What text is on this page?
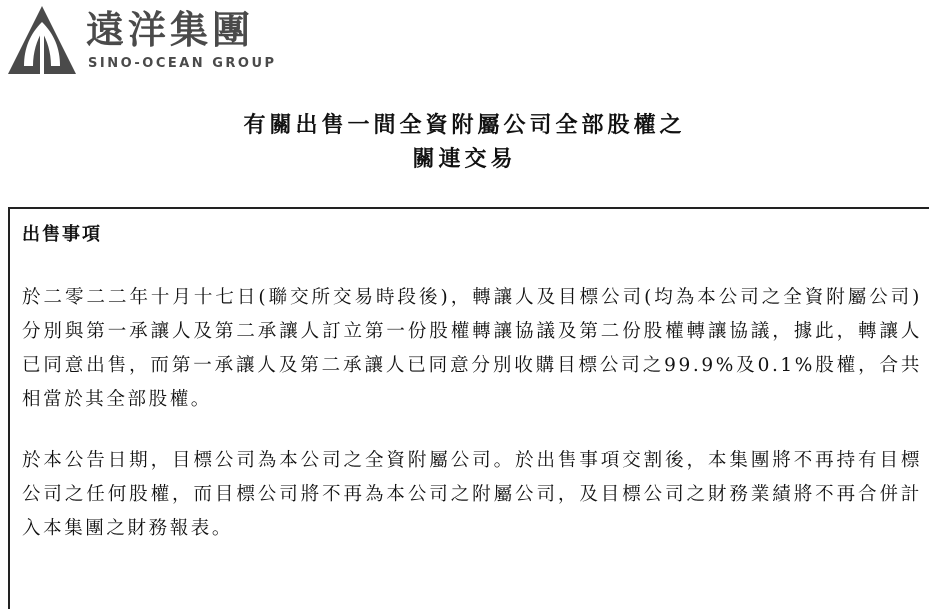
遠洋集團
SINO-OCEAN GROUP
有關出售一間全資附屬公司全部股權之
關連交易
出售事項
於二零二二年十月十七日(聯交所交易時段後)，轉讓人及目標公司(均為本公司之全資附屬公司)分別與第一承讓人及第二承讓人訂立第一份股權轉讓協議及第二份股權轉讓協議，據此，轉讓人已同意出售，而第一承讓人及第二承讓人已同意分別收購目標公司之99.9%及0.1%股權，合共相當於其全部股權。
於本公告日期，目標公司為本公司之全資附屬公司。於出售事項交割後，本集團將不再持有目標公司之任何股權，而目標公司將不再為本公司之附屬公司，及目標公司之財務業績將不再合併計入本集團之財務報表。
